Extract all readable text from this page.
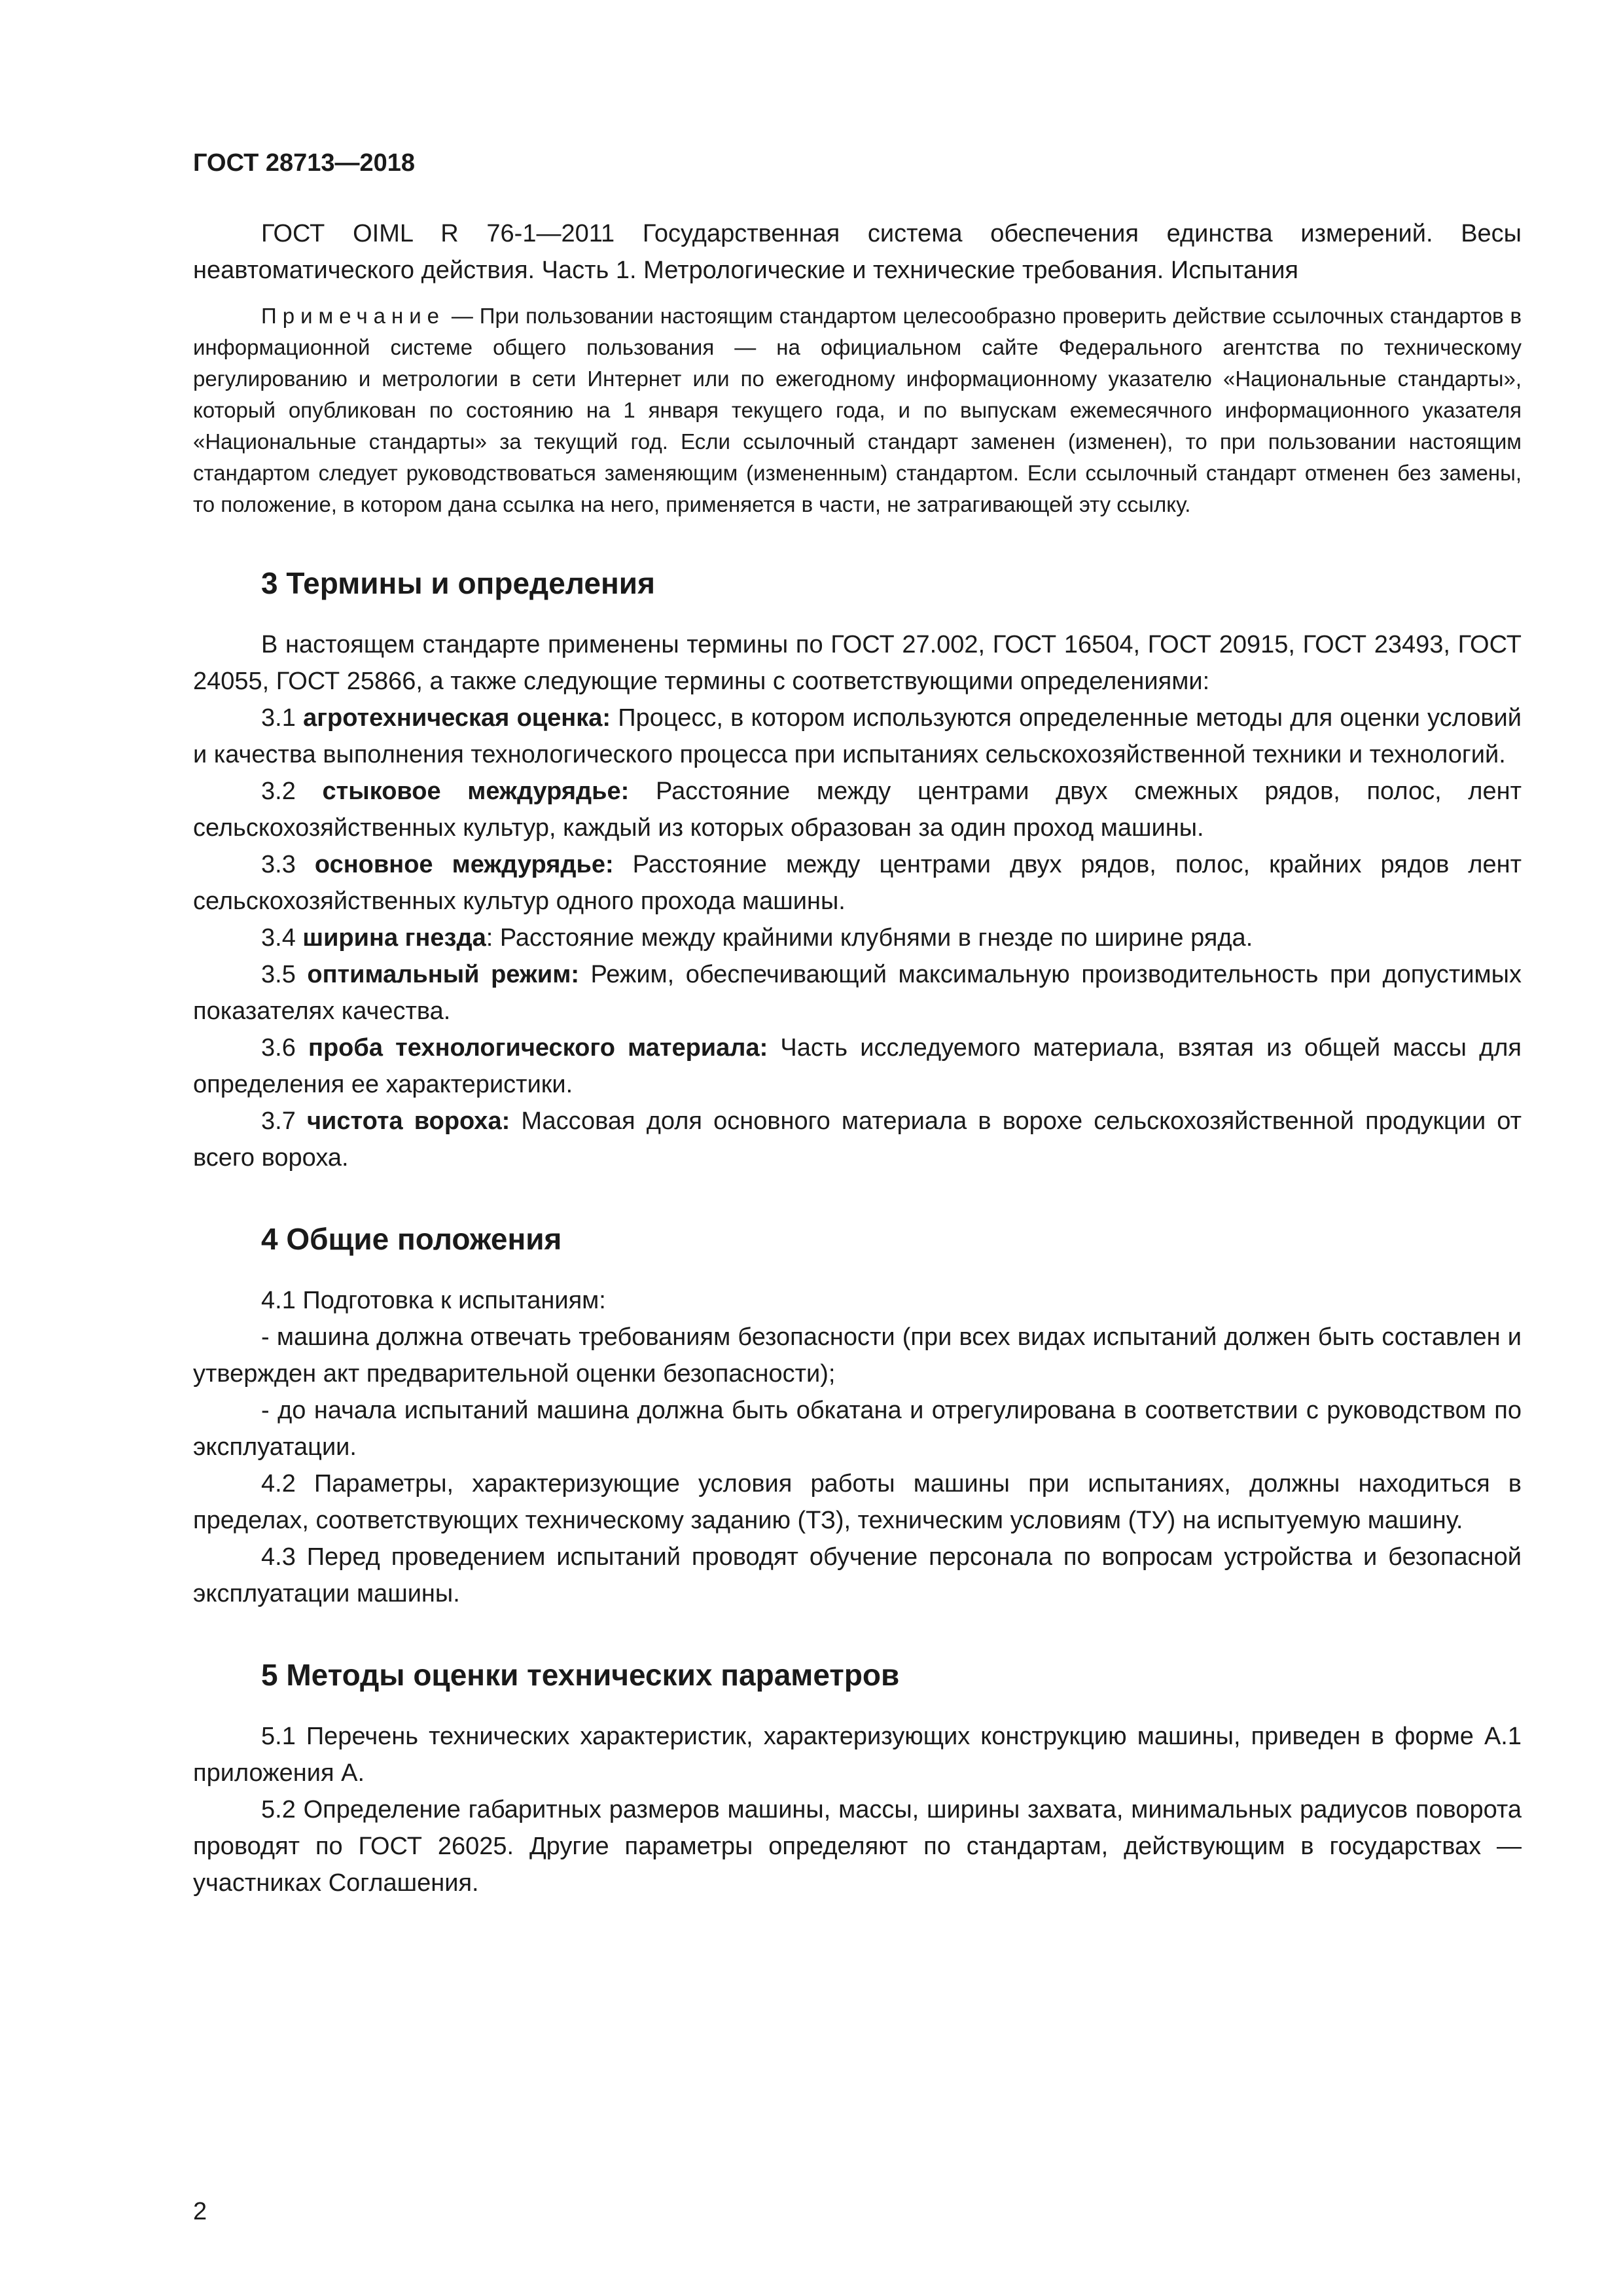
ГОСТ 28713—2018

ГОСТ OIML R 76-1—2011 Государственная система обеспечения единства измерений. Весы неавтоматического действия. Часть 1. Метрологические и технические требования. Испытания

Примечание — При пользовании настоящим стандартом целесообразно проверить действие ссылочных стандартов в информационной системе общего пользования — на официальном сайте Федерального агентства по техническому регулированию и метрологии в сети Интернет или по ежегодному информационному указателю «Национальные стандарты», который опубликован по состоянию на 1 января текущего года, и по выпускам ежемесячного информационного указателя «Национальные стандарты» за текущий год. Если ссылочный стандарт заменен (изменен), то при пользовании настоящим стандартом следует руководствоваться заменяющим (измененным) стандартом. Если ссылочный стандарт отменен без замены, то положение, в котором дана ссылка на него, применяется в части, не затрагивающей эту ссылку.

3 Термины и определения

В настоящем стандарте применены термины по ГОСТ 27.002, ГОСТ 16504, ГОСТ 20915, ГОСТ 23493, ГОСТ 24055, ГОСТ 25866, а также следующие термины с соответствующими определениями:

3.1 агротехническая оценка: Процесс, в котором используются определенные методы для оценки условий и качества выполнения технологического процесса при испытаниях сельскохозяйственной техники и технологий.

3.2 стыковое междурядье: Расстояние между центрами двух смежных рядов, полос, лент сельскохозяйственных культур, каждый из которых образован за один проход машины.

3.3 основное междурядье: Расстояние между центрами двух рядов, полос, крайних рядов лент сельскохозяйственных культур одного прохода машины.

3.4 ширина гнезда: Расстояние между крайними клубнями в гнезде по ширине ряда.

3.5 оптимальный режим: Режим, обеспечивающий максимальную производительность при допустимых показателях качества.

3.6 проба технологического материала: Часть исследуемого материала, взятая из общей массы для определения ее характеристики.

3.7 чистота вороха: Массовая доля основного материала в ворохе сельскохозяйственной продукции от всего вороха.

4 Общие положения

4.1 Подготовка к испытаниям:

- машина должна отвечать требованиям безопасности (при всех видах испытаний должен быть составлен и утвержден акт предварительной оценки безопасности);

- до начала испытаний машина должна быть обкатана и отрегулирована в соответствии с руководством по эксплуатации.

4.2 Параметры, характеризующие условия работы машины при испытаниях, должны находиться в пределах, соответствующих техническому заданию (ТЗ), техническим условиям (ТУ) на испытуемую машину.

4.3 Перед проведением испытаний проводят обучение персонала по вопросам устройства и безопасной эксплуатации машины.

5 Методы оценки технических параметров

5.1 Перечень технических характеристик, характеризующих конструкцию машины, приведен в форме А.1 приложения А.

5.2 Определение габаритных размеров машины, массы, ширины захвата, минимальных радиусов поворота проводят по ГОСТ 26025. Другие параметры определяют по стандартам, действующим в государствах — участниках Соглашения.

2
